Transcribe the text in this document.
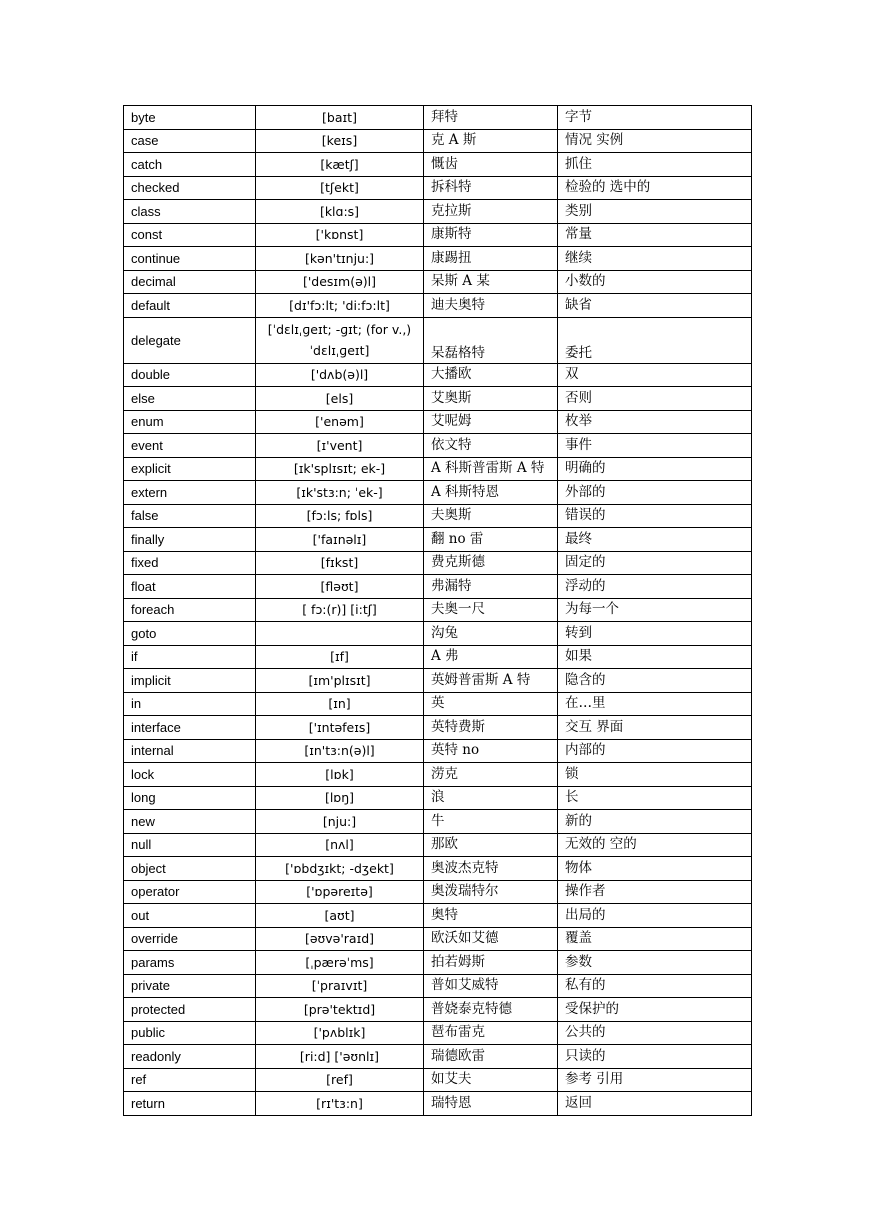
byte	[baɪt]	拜特	字节
case	[keɪs]	克 A 斯	情况 实例
catch	[kætʃ]	慨齿	抓住
checked	[tʃekt]	拆科特	检验的 选中的
class	[klɑ:s]	克拉斯	类别
const	['kɒnst]	康斯特	常量
continue	[kən'tɪnju:]	康踢扭	继续
decimal	['desɪm(ə)l]	呆斯 A 某	小数的
default	[dɪ'fɔ:lt; 'di:fɔ:lt]	迪夫奥特	缺省
delegate	[ˈdɛlɪˌɡeɪt; -ɡɪt; (for v.,) ˈdɛlɪˌɡeɪt]	呆磊格特	委托
double	['dʌb(ə)l]	大播欧	双
else	[els]	艾奥斯	否则
enum	['enəm]	艾呢姆	枚举
event	[ɪ'vent]	依文特	事件
explicit	[ɪk'splɪsɪt; ek-]	A 科斯普雷斯 A 特	明确的
extern	[ɪk'stɜ:n; ˈek-]	A 科斯特恩	外部的
false	[fɔ:ls; fɒls]	夫奥斯	错误的
finally	['faɪnəlɪ]	翻 no 雷	最终
fixed	[fɪkst]	费克斯德	固定的
float	[fləʊt]	弗漏特	浮动的
foreach	[ fɔ:(r)] [i:tʃ]	夫奥一尺	为每一个
goto		沟兔	转到
if	[ɪf]	A 弗	如果
implicit	[ɪm'plɪsɪt]	英姆普雷斯 A 特	隐含的
in	[ɪn]	英	在…里
interface	['ɪntəfeɪs]	英特费斯	交互 界面
internal	[ɪn'tɜ:n(ə)l]	英特 no	内部的
lock	[lɒk]	涝克	锁
long	[lɒŋ]	浪	长
new	[nju:]	牛	新的
null	[nʌl]	那欧	无效的 空的
object	['ɒbdʒɪkt; -dʒekt]	奥波杰克特	物体
operator	['ɒpəreɪtə]	奥泼瑞特尔	操作者
out	[aʊt]	奥特	出局的
override	[əʊvə'raɪd]	欧沃如艾德	覆盖
params	[ˌpærəˈms]	拍若姆斯	参数
private	[ˈpraɪvɪt]	普如艾威特	私有的
protected	[prə'tektɪd]	普娆泰克特德	受保护的
public	['pʌblɪk]	琶布雷克	公共的
readonly	[ri:d] ['əʊnlɪ]	瑞德欧雷	只读的
ref	[ref]	如艾夫	参考 引用
return	[rɪ'tɜ:n]	瑞特恩	返回
